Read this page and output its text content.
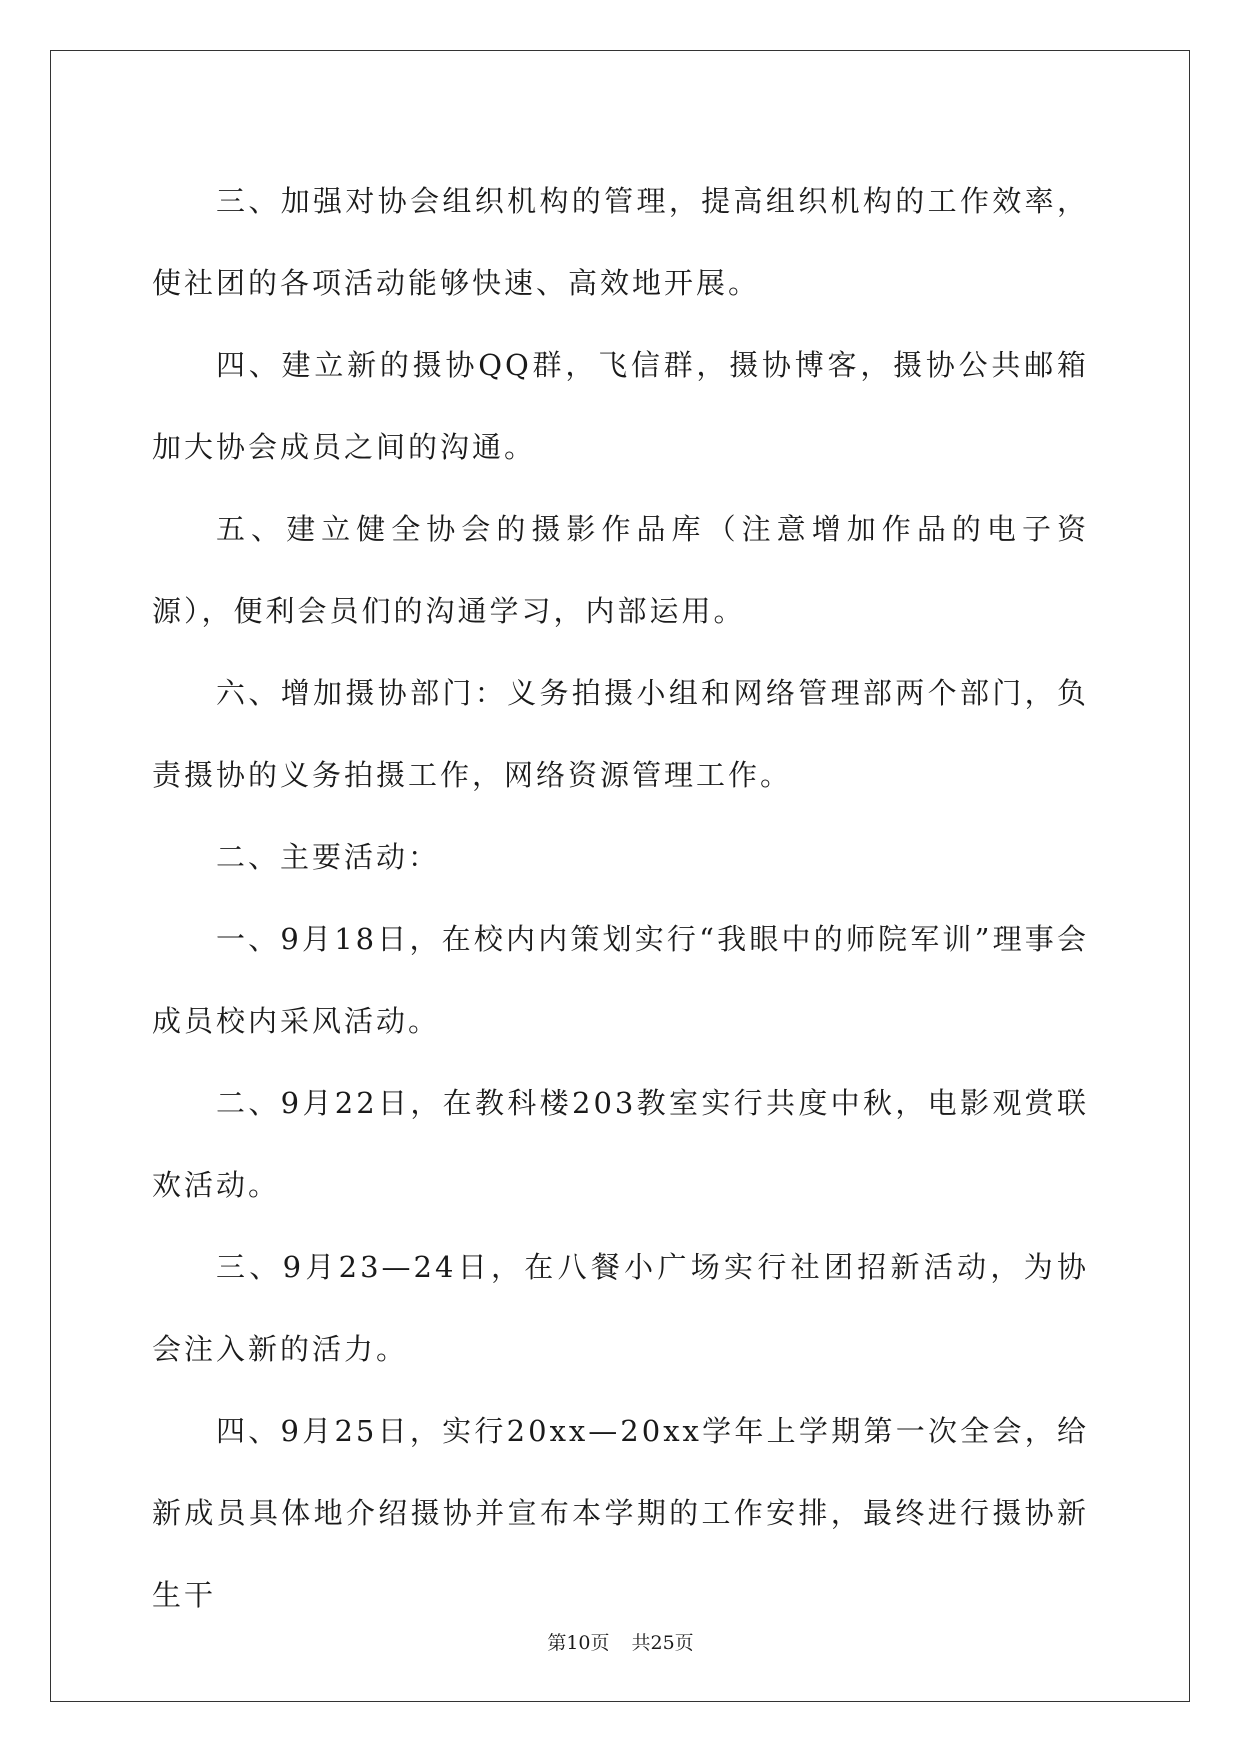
三、加强对协会组织机构的管理，提高组织机构的工作效率，使社团的各项活动能够快速、高效地开展。

四、建立新的摄协QQ群，飞信群，摄协博客，摄协公共邮箱加大协会成员之间的沟通。

五、建立健全协会的摄影作品库（注意增加作品的电子资源），便利会员们的沟通学习，内部运用。

六、增加摄协部门：义务拍摄小组和网络管理部两个部门，负责摄协的义务拍摄工作，网络资源管理工作。

二、主要活动：

一、9月18日，在校内内策划实行“我眼中的师院军训”理事会成员校内采风活动。

二、9月22日，在教科楼203教室实行共度中秋，电影观赏联欢活动。

三、9月23—24日，在八餐小广场实行社团招新活动，为协会注入新的活力。

四、9月25日，实行20xx—20xx学年上学期第一次全会，给新成员具体地介绍摄协并宣布本学期的工作安排，最终进行摄协新生干

第10页 共25页
